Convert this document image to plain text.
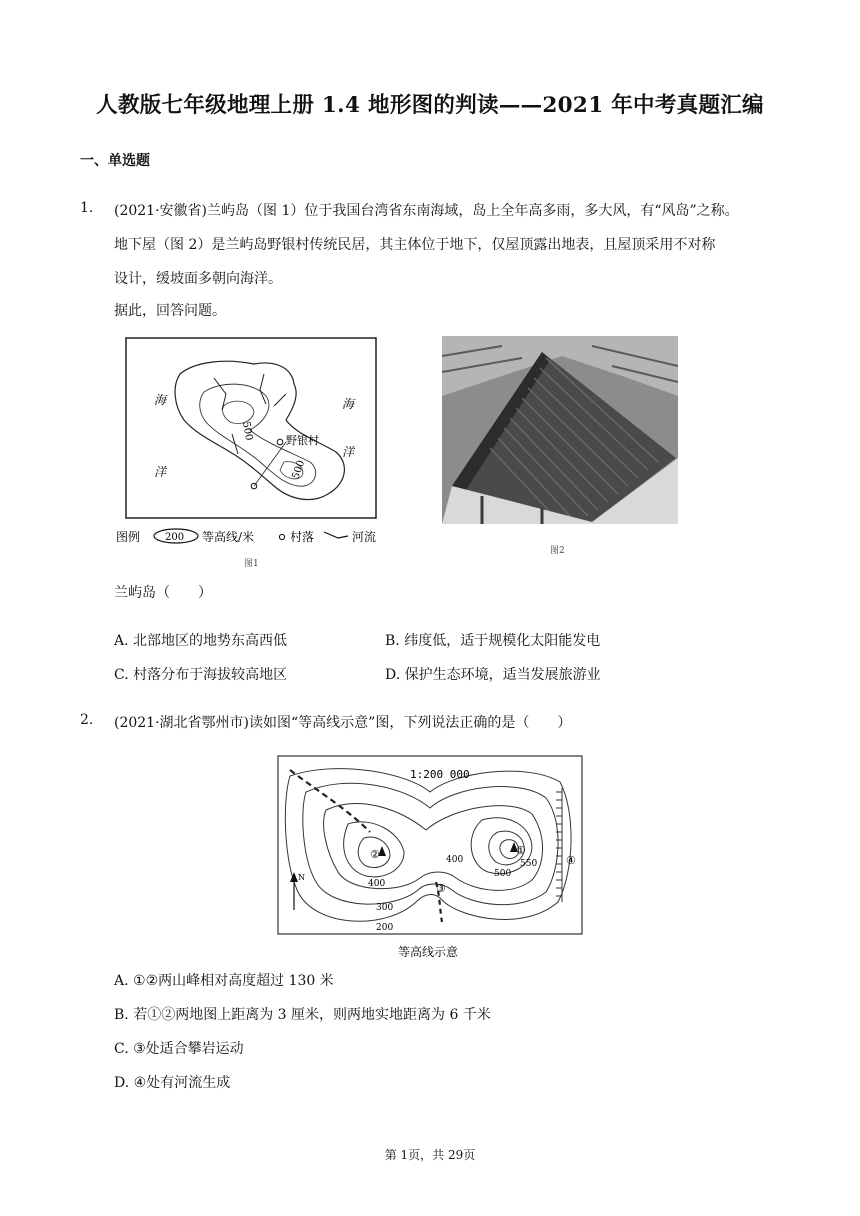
人教版七年级地理上册 1.4 地形图的判读——2021 年中考真题汇编
一、单选题
1. (2021·安徽省)兰屿岛（图 1）位于我国台湾省东南海域，岛上全年高多雨，多大风，有“风岛”之称。
地下屋（图 2）是兰屿岛野银村传统民居，其主体位于地下，仅屋顶露出地表，且屋顶采用不对称
设计，缓坡面多朝向海洋。
据此，回答问题。
海
洋
海
洋
500
500
野银村
图例 200 等高线/米	村落	河流
图1
图2
兰屿岛（　　）
A. 北部地区的地势东高西低	B. 纬度低，适于规模化太阳能发电
C. 村落分布于海拔较高地区	D. 保护生态环境，适当发展旅游业
2. (2021·湖北省鄂州市)读如图“等高线示意”图，下列说法正确的是（　　）
N
1:200 000
②	①
③
④
200
300
400
400
500
550
等高线示意
A. ①②两山峰相对高度超过 130 米
B. 若①②两地图上距离为 3 厘米，则两地实地距离为 6 千米
C. ③处适合攀岩运动
D. ④处有河流生成
第 1页，共 29页
